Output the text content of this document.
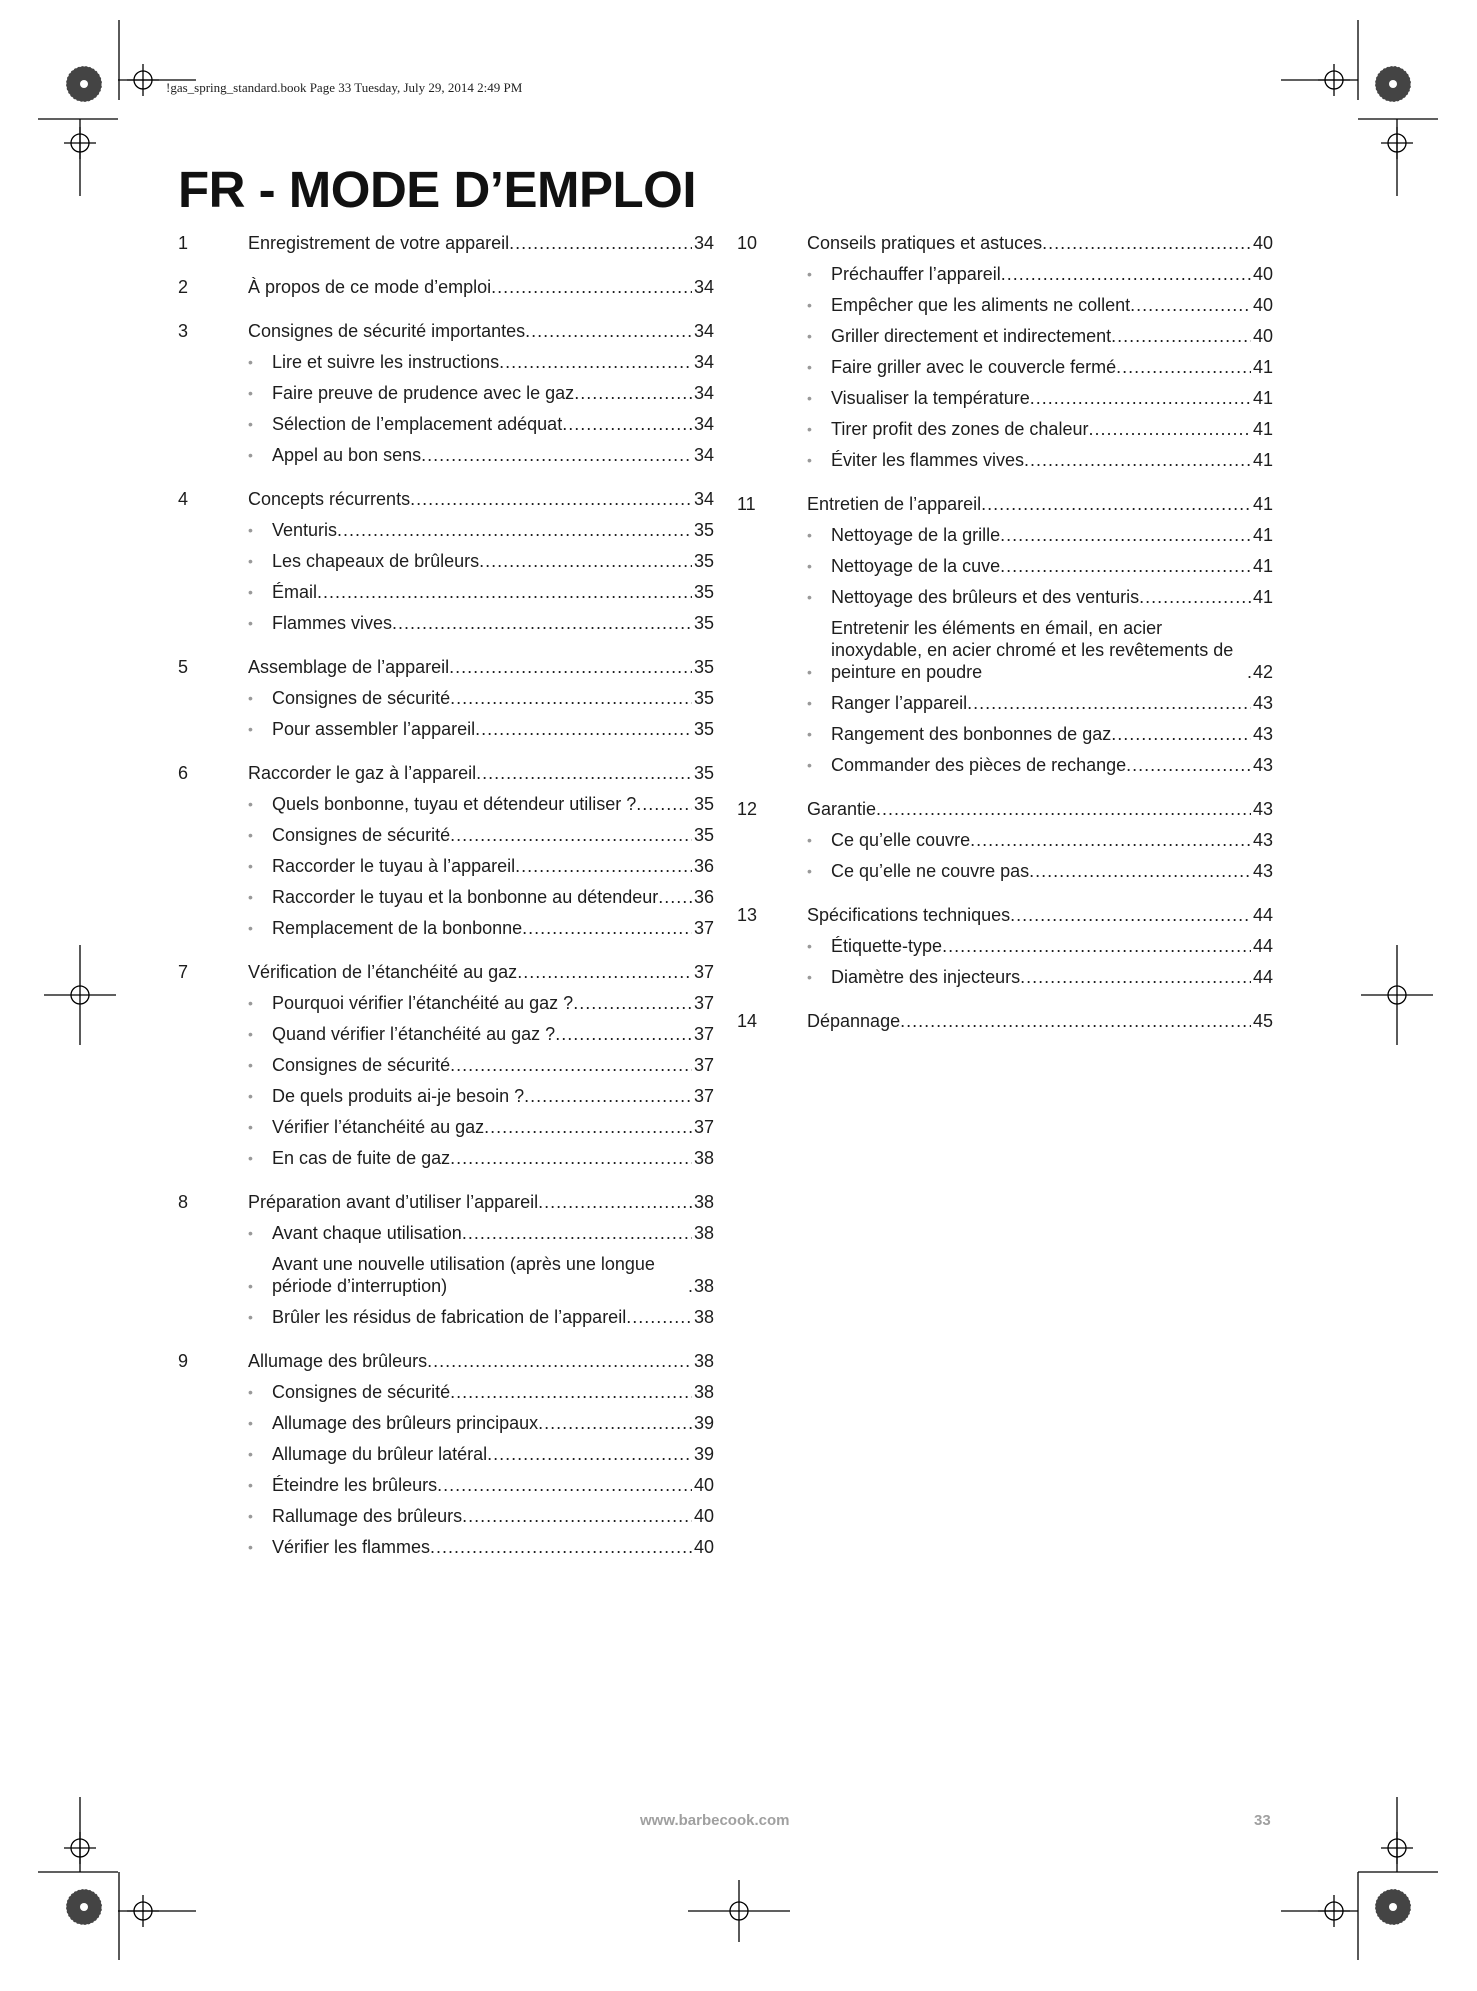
!gas_spring_standard.book Page 33 Tuesday, July 29, 2014 2:49 PM
FR - MODE D’EMPLOI
1	Enregistrement de votre appareil .....	34
2	À propos de ce mode d’emploi .....	34
3	Consignes de sécurité importantes .....	34
•	Lire et suivre les instructions .....	34
•	Faire preuve de prudence avec le gaz .....	34
•	Sélection de l’emplacement adéquat .....	34
•	Appel au bon sens .....	34
4	Concepts récurrents .....	34
•	Venturis .....	35
•	Les chapeaux de brûleurs .....	35
•	Émail .....	35
•	Flammes vives .....	35
5	Assemblage de l’appareil .....	35
•	Consignes de sécurité .....	35
•	Pour assembler l’appareil .....	35
6	Raccorder le gaz à l’appareil .....	35
•	Quels bonbonne, tuyau et détendeur utiliser ? .....	35
•	Consignes de sécurité .....	35
•	Raccorder le tuyau à l’appareil .....	36
•	Raccorder le tuyau et la bonbonne au détendeur ..... 36
•	Remplacement de la bonbonne .....	37
7	Vérification de l’étanchéité au gaz .....	37
•	Pourquoi vérifier l’étanchéité au gaz ? .....	37
•	Quand vérifier l’étanchéité au gaz ? .....	37
•	Consignes de sécurité .....	37
•	De quels produits ai-je besoin ? .....	37
•	Vérifier l’étanchéité au gaz .....	37
•	En cas de fuite de gaz .....	38
8	Préparation avant d’utiliser l’appareil .....	38
•	Avant chaque utilisation .....	38
•
Avant une nouvelle utilisation (après une longue période d’interruption) .....	38
•	Brûler les résidus de fabrication de l’appareil .....	38
9	Allumage des brûleurs .....	38
•	Consignes de sécurité .....	38
•	Allumage des brûleurs principaux .....	39
•	Allumage du brûleur latéral .....	39
•	Éteindre les brûleurs .....	40
•	Rallumage des brûleurs .....	40
•	Vérifier les flammes .....	40
10	Conseils pratiques et astuces .....	40
•	Préchauffer l’appareil .....	40
•	Empêcher que les aliments ne collent .....	40
•	Griller directement et indirectement .....	40
•	Faire griller avec le couvercle fermé .....	41
•	Visualiser la température .....	41
•	Tirer profit des zones de chaleur .....	41
•	Éviter les flammes vives .....	41
11	Entretien de l’appareil .....	41
•	Nettoyage de la grille .....	41
•	Nettoyage de la cuve .....	41
•	Nettoyage des brûleurs et des venturis .....	41
•
Entretenir les éléments en émail, en acier inoxydable, en acier chromé et les revêtements de peinture en poudre .....	42
•	Ranger l’appareil .....	43
•	Rangement des bonbonnes de gaz .....	43
•	Commander des pièces de rechange .....	43
12	Garantie .....	43
•	Ce qu’elle couvre .....	43
•	Ce qu’elle ne couvre pas .....	43
13	Spécifications techniques .....	44
•	Étiquette-type .....	44
•	Diamètre des injecteurs .....	44
14	Dépannage .....	45
www.barbecook.com	33
